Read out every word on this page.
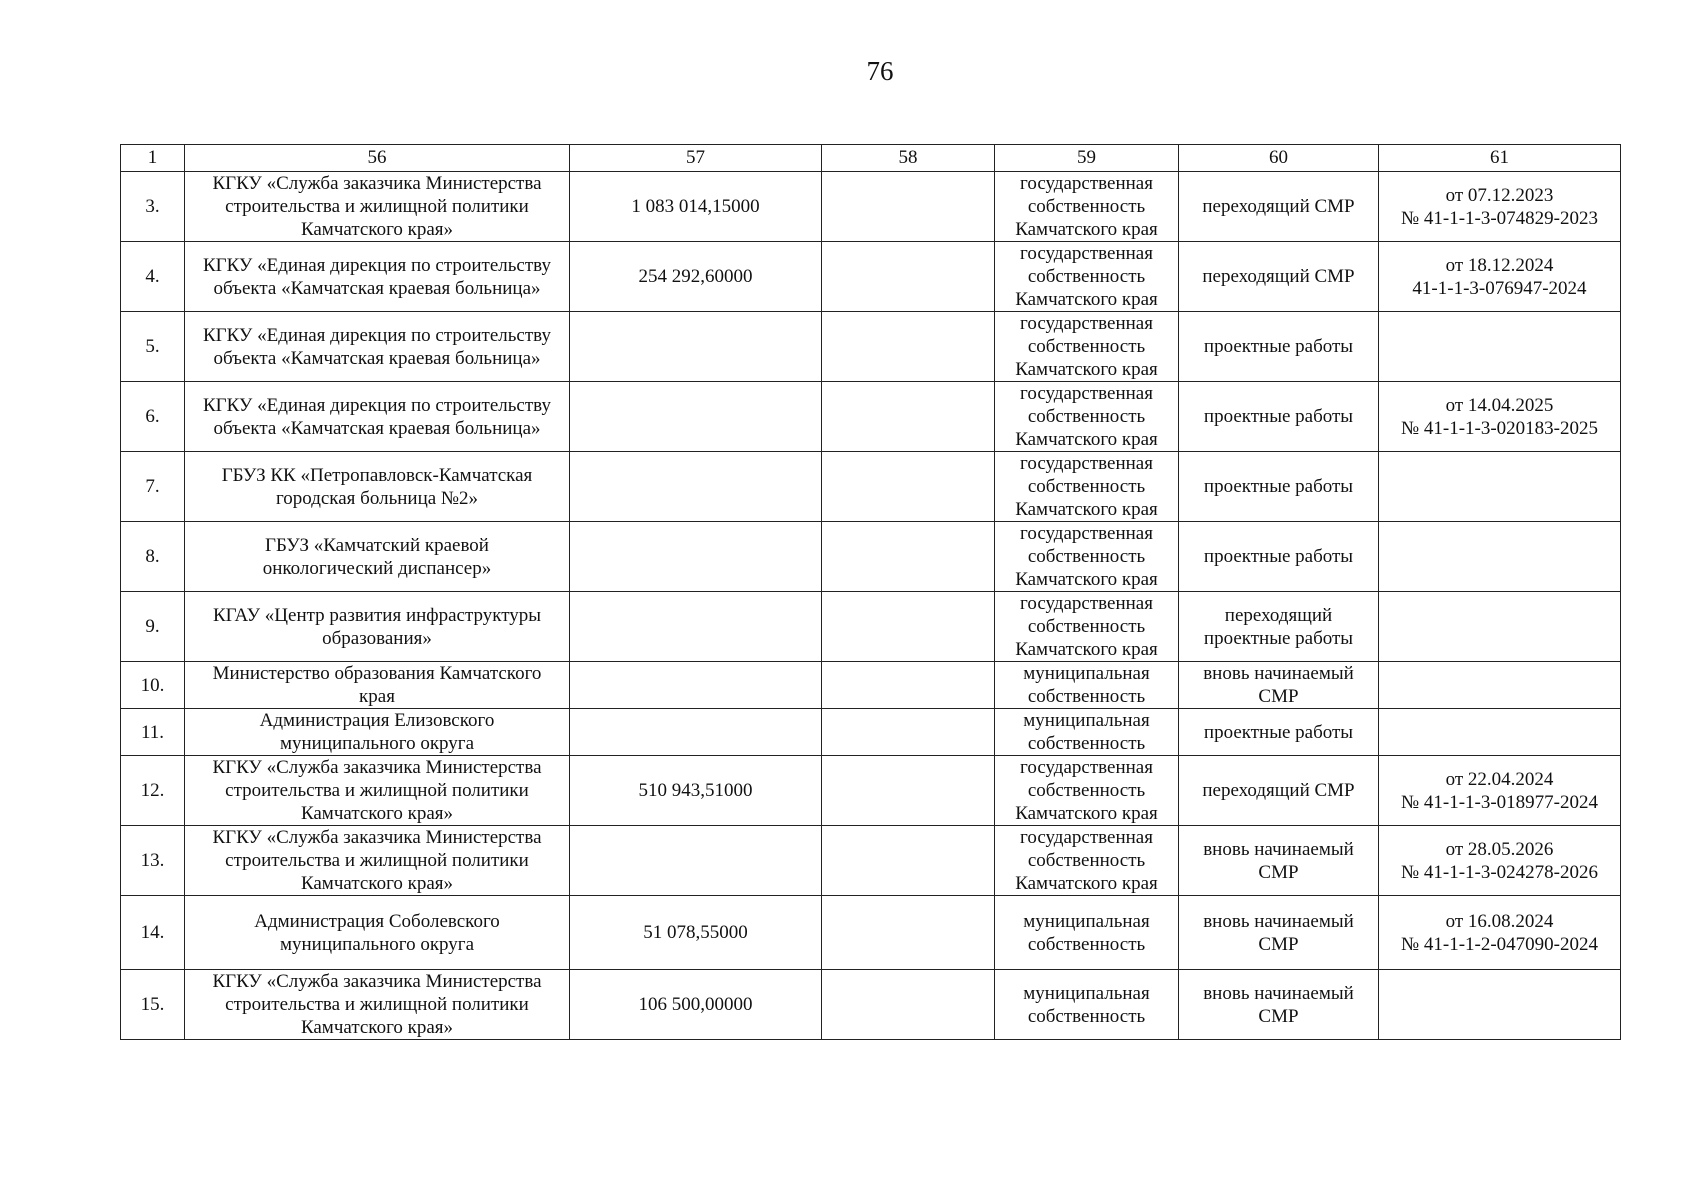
76
1	56	57	58	59	60	61
3.	КГКУ «Служба заказчика Министерства
строительства и жилищной политики
Камчатского края»	1 083 014,15000		государственная
собственность
Камчатского края	переходящий СМР	от 07.12.2023
№ 41-1-1-3-074829-2023

4.	КГКУ «Единая дирекция по строительству
объекта «Камчатская краевая больница»	254 292,60000		государственная
собственность
Камчатского края	переходящий СМР	от 18.12.2024
41-1-1-3-076947-2024

5.	КГКУ «Единая дирекция по строительству
объекта «Камчатская краевая больница»			государственная
собственность
Камчатского края	проектные работы	

6.	КГКУ «Единая дирекция по строительству
объекта «Камчатская краевая больница»			государственная
собственность
Камчатского края	проектные работы	от 14.04.2025
№ 41-1-1-3-020183-2025

7.	ГБУЗ КК «Петропавловск-Камчатская
городская больница №2»			государственная
собственность
Камчатского края	проектные работы	

8.	ГБУЗ «Камчатский краевой
онкологический диспансер»			государственная
собственность
Камчатского края	проектные работы	

9.	КГАУ «Центр развития инфраструктуры
образования»			государственная
собственность
Камчатского края	переходящий
проектные работы	

10.	Министерство образования Камчатского
края			муниципальная
собственность	вновь начинаемый
СМР	

11.	Администрация Елизовского
муниципального округа			муниципальная
собственность	проектные работы	

12.	КГКУ «Служба заказчика Министерства
строительства и жилищной политики
Камчатского края»	510 943,51000		государственная
собственность
Камчатского края	переходящий СМР	от 22.04.2024
№ 41-1-1-3-018977-2024

13.	КГКУ «Служба заказчика Министерства
строительства и жилищной политики
Камчатского края»			государственная
собственность
Камчатского края	вновь начинаемый
СМР	от 28.05.2026
№ 41-1-1-3-024278-2026

14.	Администрация Соболевского
муниципального округа	51 078,55000		муниципальная
собственность	вновь начинаемый
СМР	от 16.08.2024
№ 41-1-1-2-047090-2024

15.	КГКУ «Служба заказчика Министерства
строительства и жилищной политики
Камчатского края»	106 500,00000		муниципальная
собственность	вновь начинаемый
СМР	
